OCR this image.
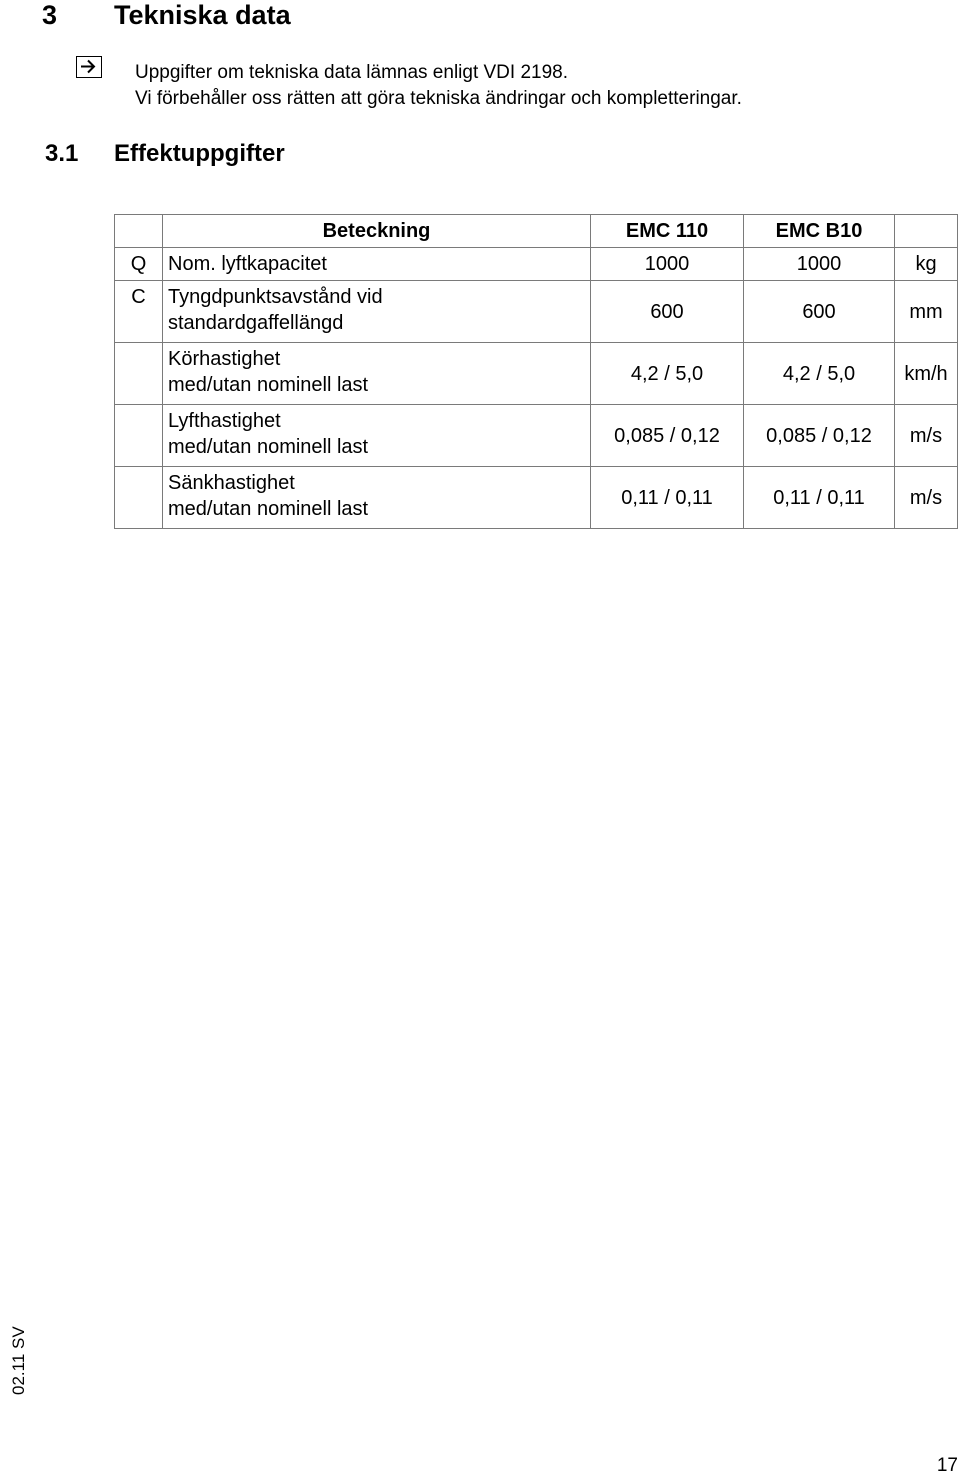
3 Tekniska data
Uppgifter om tekniska data lämnas enligt VDI 2198.
Vi förbehåller oss rätten att göra tekniska ändringar och kompletteringar.
3.1 Effektuppgifter
	Beteckning	EMC 110	EMC B10	
Q	Nom. lyftkapacitet	1000	1000	kg
C	Tyngdpunktsavstånd vid
standardgaffellängd	600	600	mm

	Körhastighet
med/utan nominell last	4,2 / 5,0	4,2 / 5,0	km/h

	Lyfthastighet
med/utan nominell last	0,085 / 0,12	0,085 / 0,12	m/s

	Sänkhastighet
med/utan nominell last	0,11 / 0,11	0,11 / 0,11	m/s
02.11 SV
17
